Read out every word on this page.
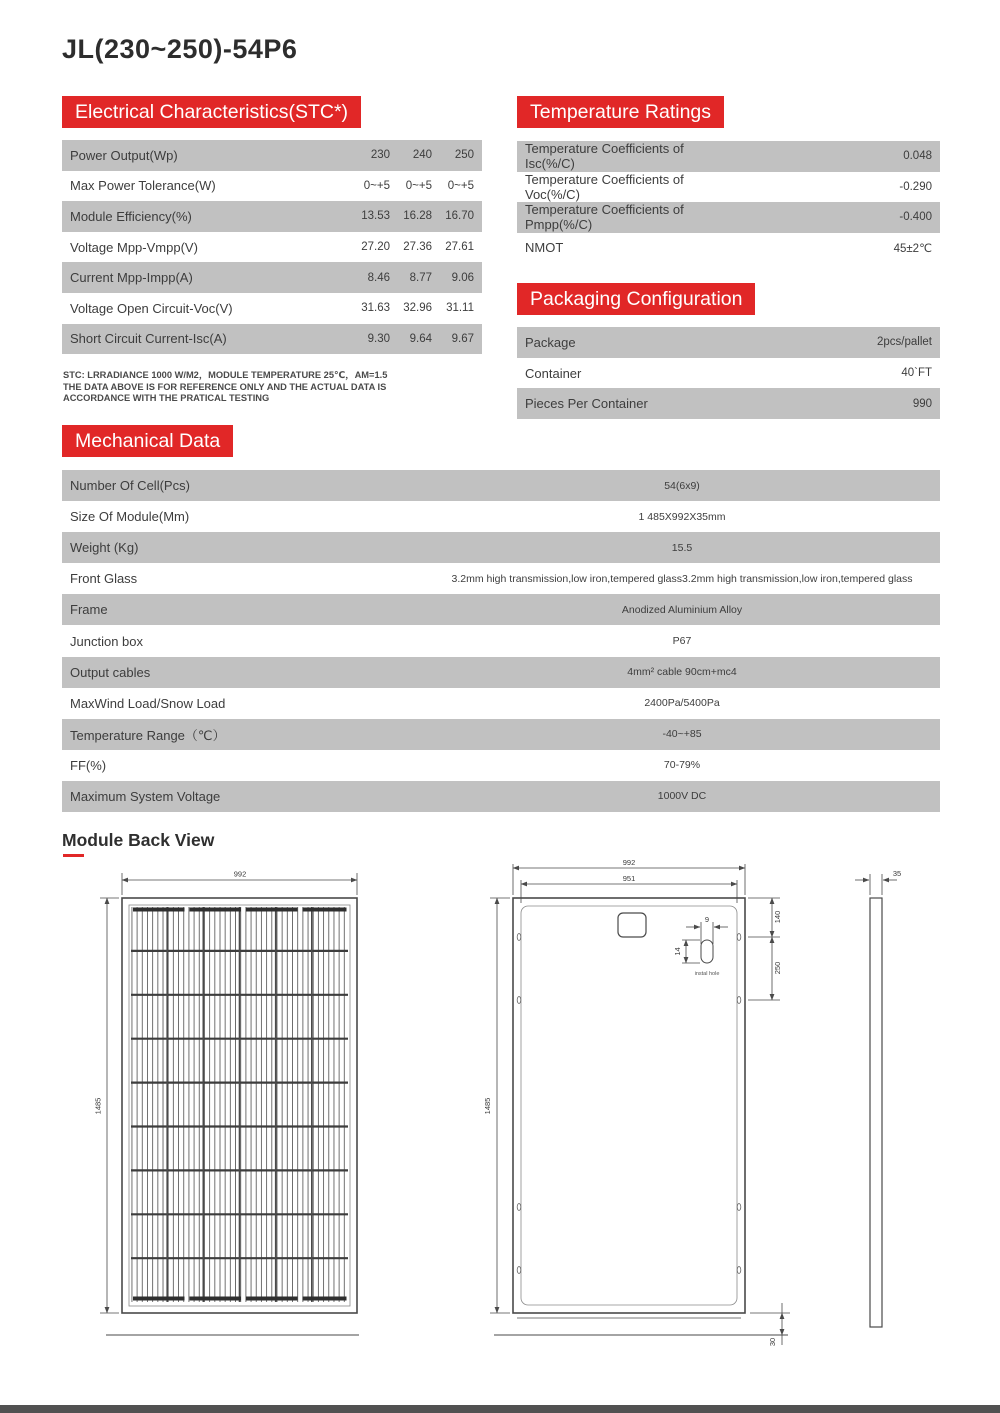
JL(230~250)-54P6
Electrical Characteristics(STC*)	Temperature Ratings
Packaging Configuration
Mechanical Data
Power Output(Wp)	230	240	250
Max Power Tolerance(W)	0~+5	0~+5	0~+5
Module Efficiency(%)	13.53	16.28	16.70
Voltage Mpp-Vmpp(V)	27.20	27.36	27.61
Current Mpp-Impp(A)	8.46	8.77	9.06
Voltage Open Circuit-Voc(V)	31.63	32.96	31.11
Short Circuit Current-Isc(A)	9.30	9.64	9.67
STC: LRRADIANCE 1000 W/M2，MODULE TEMPERATURE 25℃，AM=1.5
THE DATA ABOVE IS FOR REFERENCE ONLY AND THE ACTUAL DATA IS
ACCORDANCE WITH THE PRATICAL TESTING
Temperature Coefficients of Isc(%/C)	0.048
Temperature Coefficients of Voc(%/C)	-0.290
Temperature Coefficients of Pmpp(%/C)	-0.400
NMOT	45±2℃
Package	2pcs/pallet
Container	40`FT
Pieces Per Container	990
Number Of Cell(Pcs)	54(6x9)
Size Of Module(Mm)	1 485X992X35mm
Weight (Kg)	15.5
Front Glass	3.2mm high transmission,low iron,tempered glass3.2mm high transmission,low iron,tempered glass
Frame	Anodized Aluminium Alloy
Junction box	P67
Output cables	4mm² cable 90cm+mc4
MaxWind Load/Snow Load	2400Pa/5400Pa
Temperature Range（℃）	-40~+85
FF(%)	70-79%
Maximum System Voltage	1000V DC
Module Back View
992
1485
992
951
1485
140
250
30
9
14
instal hole
35
